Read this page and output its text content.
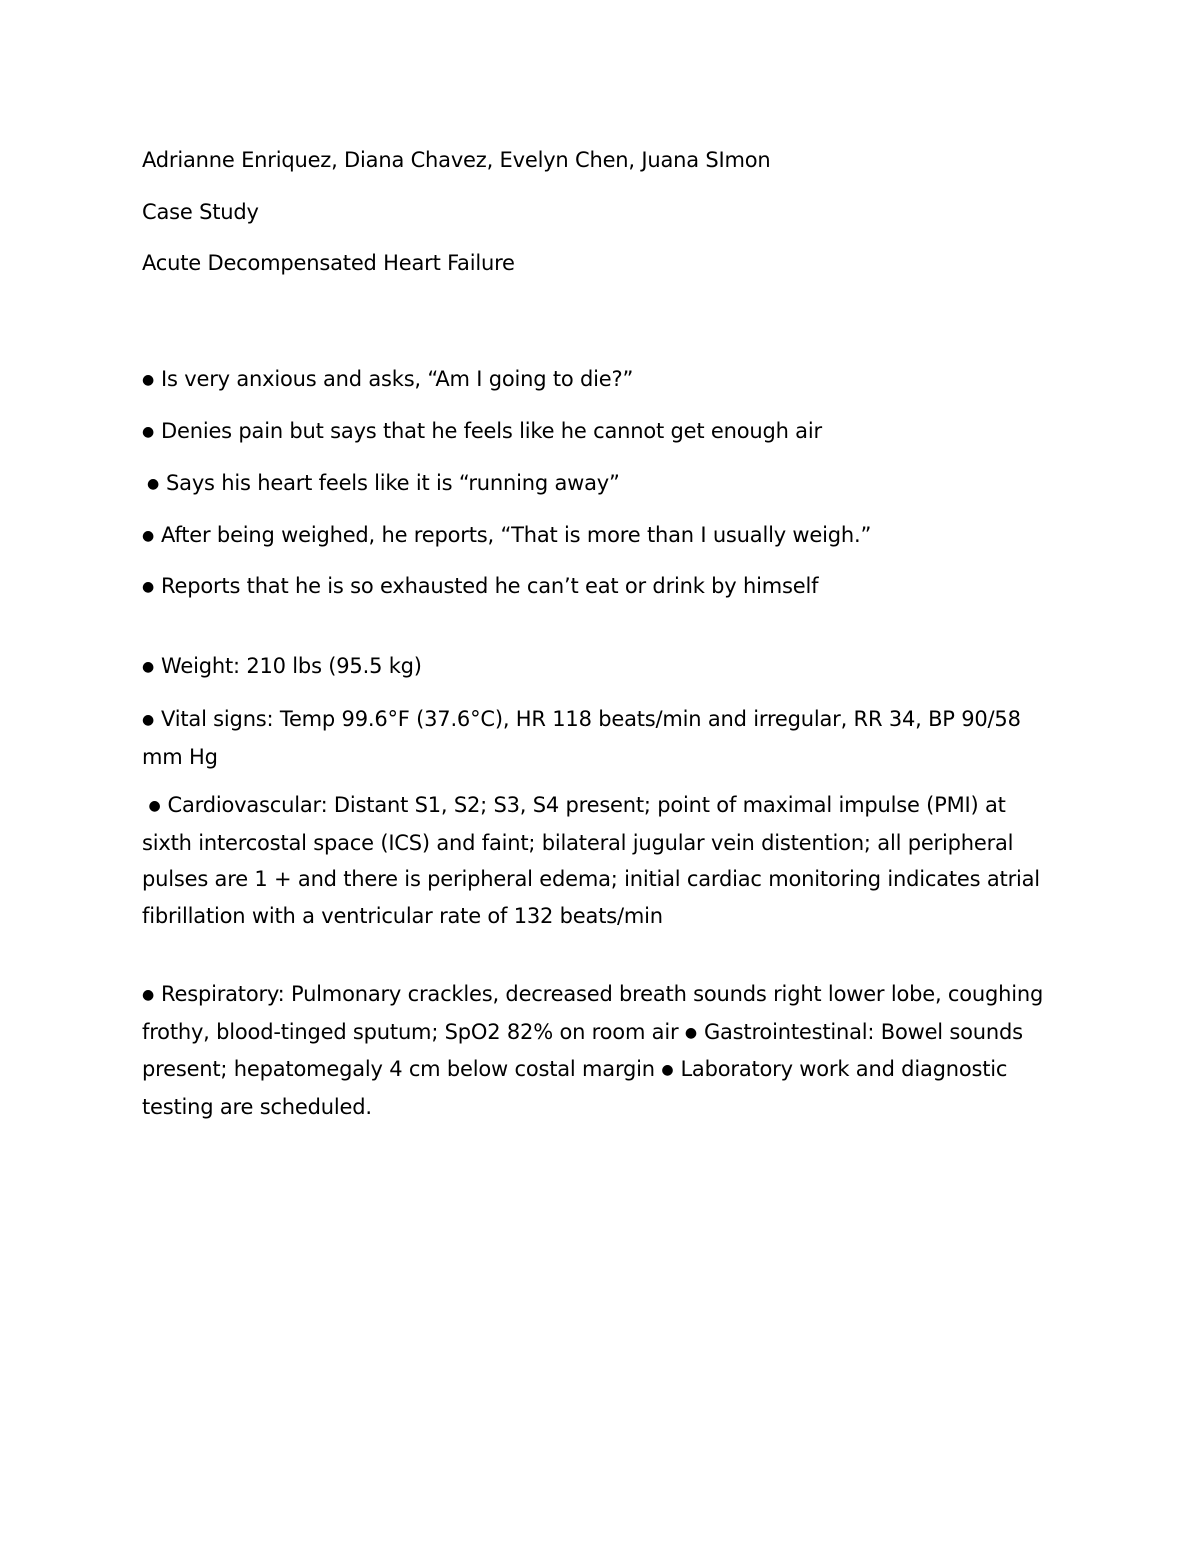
Adrianne Enriquez, Diana Chavez, Evelyn Chen, Juana SImon
Case Study
Acute Decompensated Heart Failure
● Is very anxious and asks, “Am I going to die?”
● Denies pain but says that he feels like he cannot get enough air
● Says his heart feels like it is “running away”
● After being weighed, he reports, “That is more than I usually weigh.”
● Reports that he is so exhausted he can’t eat or drink by himself
● Weight: 210 lbs (95.5 kg)
● Vital signs: Temp 99.6°F (37.6°C), HR 118 beats/min and irregular, RR 34, BP 90/58 mm Hg
● Cardiovascular: Distant S1, S2; S3, S4 present; point of maximal impulse (PMI) at sixth intercostal space (ICS) and faint; bilateral jugular vein distention; all peripheral pulses are 1 + and there is peripheral edema; initial cardiac monitoring indicates atrial fibrillation with a ventricular rate of 132 beats/min
● Respiratory: Pulmonary crackles, decreased breath sounds right lower lobe, coughing frothy, blood-tinged sputum; SpO2 82% on room air ● Gastrointestinal: Bowel sounds present; hepatomegaly 4 cm below costal margin ● Laboratory work and diagnostic testing are scheduled.
